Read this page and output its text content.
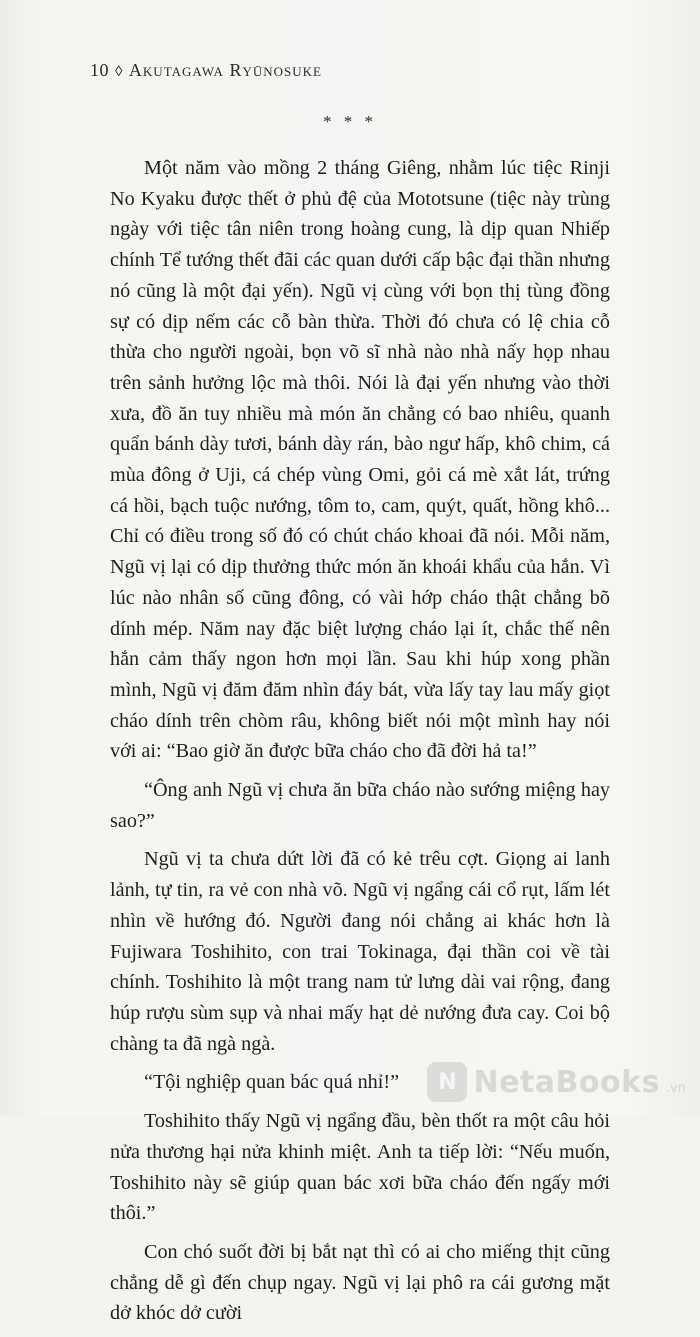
10 ◊ Akutagawa Ryūnosuke
* * *

Một năm vào mồng 2 tháng Giêng, nhằm lúc tiệc Rinji No Kyaku được thết ở phủ đệ của Mototsune (tiệc này trùng ngày với tiệc tân niên trong hoàng cung, là dịp quan Nhiếp chính Tể tướng thết đãi các quan dưới cấp bậc đại thần nhưng nó cũng là một đại yến). Ngũ vị cùng với bọn thị tùng đồng sự có dịp nếm các cỗ bàn thừa. Thời đó chưa có lệ chia cỗ thừa cho người ngoài, bọn võ sĩ nhà nào nhà nấy họp nhau trên sảnh hưởng lộc mà thôi. Nói là đại yến nhưng vào thời xưa, đồ ăn tuy nhiều mà món ăn chẳng có bao nhiêu, quanh quẩn bánh dày tươi, bánh dày rán, bào ngư hấp, khô chim, cá mùa đông ở Uji, cá chép vùng Omi, gỏi cá mè xắt lát, trứng cá hồi, bạch tuộc nướng, tôm to, cam, quýt, quất, hồng khô... Chỉ có điều trong số đó có chút cháo khoai đã nói. Mỗi năm, Ngũ vị lại có dịp thưởng thức món ăn khoái khẩu của hắn. Vì lúc nào nhân số cũng đông, có vài hớp cháo thật chẳng bõ dính mép. Năm nay đặc biệt lượng cháo lại ít, chắc thế nên hắn cảm thấy ngon hơn mọi lần. Sau khi húp xong phần mình, Ngũ vị đăm đăm nhìn đáy bát, vừa lấy tay lau mấy giọt cháo dính trên chòm râu, không biết nói một mình hay nói với ai: “Bao giờ ăn được bữa cháo cho đã đời hả ta!”

“Ông anh Ngũ vị chưa ăn bữa cháo nào sướng miệng hay sao?”

Ngũ vị ta chưa dứt lời đã có kẻ trêu cợt. Giọng ai lanh lảnh, tự tin, ra vẻ con nhà võ. Ngũ vị ngẩng cái cổ rụt, lấm lét nhìn về hướng đó. Người đang nói chẳng ai khác hơn là Fujiwara Toshihito, con trai Tokinaga, đại thần coi về tài chính. Toshihito là một trang nam tử lưng dài vai rộng, đang húp rượu sùm sụp và nhai mấy hạt dẻ nướng đưa cay. Coi bộ chàng ta đã ngà ngà.

“Tội nghiệp quan bác quá nhỉ!”

Toshihito thấy Ngũ vị ngẩng đầu, bèn thốt ra một câu hỏi nửa thương hại nửa khinh miệt. Anh ta tiếp lời: “Nếu muốn, Toshihito này sẽ giúp quan bác xơi bữa cháo đến ngấy mới thôi.”

Con chó suốt đời bị bắt nạt thì có ai cho miếng thịt cũng chẳng dễ gì đến chụp ngay. Ngũ vị lại phô ra cái gương mặt dở khóc dở cười

N NetaBooks .vn
